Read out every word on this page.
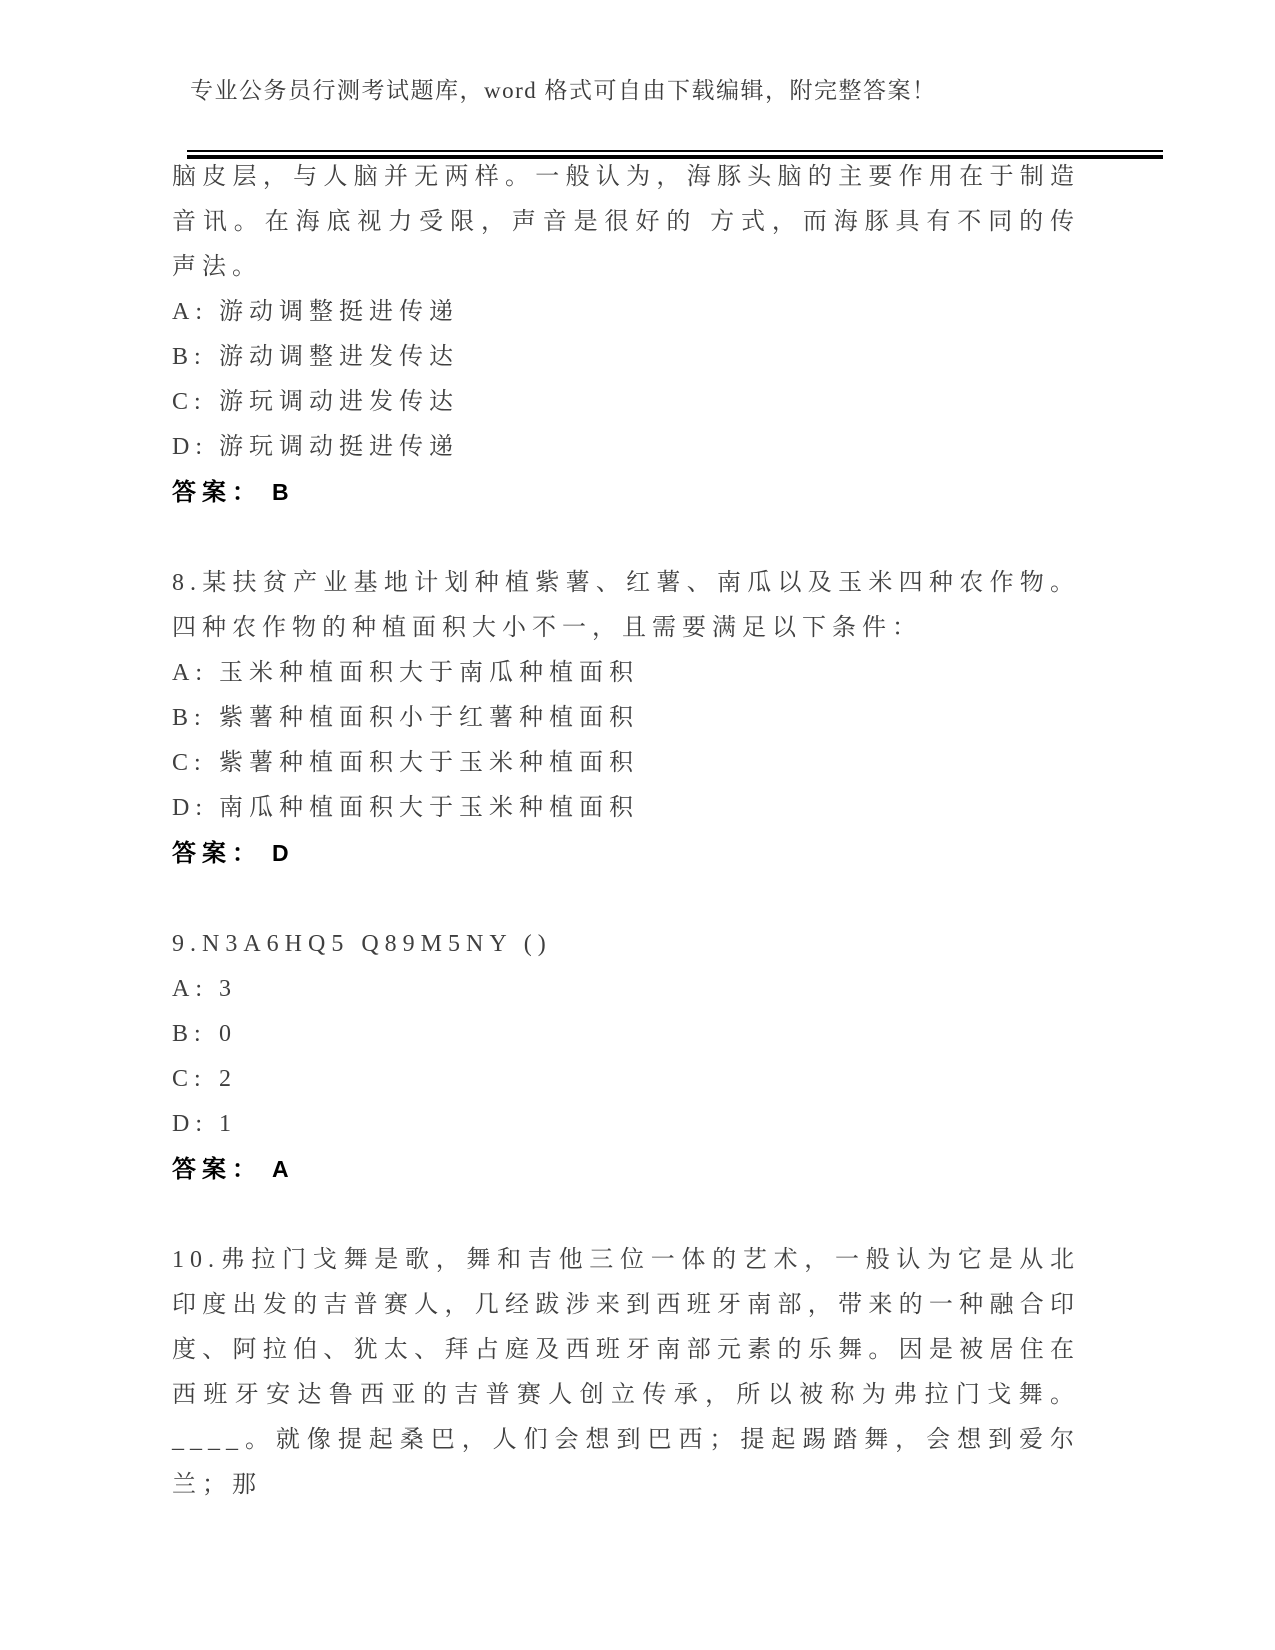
专业公务员行测考试题库，word 格式可自由下载编辑，附完整答案！

脑皮层，与人脑并无两样。一般认为，海豚头脑的主要作用在于制造音讯。在海底视力受限，声音是很好的 方式，而海豚具有不同的传声法。

A: 游动调整挺进传递
B: 游动调整进发传达
C: 游玩调动进发传达
D: 游玩调动挺进传递
答案： B

8.某扶贫产业基地计划种植紫薯、红薯、南瓜以及玉米四种农作物。四种农作物的种植面积大小不一，且需要满足以下条件：

A: 玉米种植面积大于南瓜种植面积
B: 紫薯种植面积小于红薯种植面积
C: 紫薯种植面积大于玉米种植面积
D: 南瓜种植面积大于玉米种植面积
答案： D

9.N3A6HQ5 Q89M5NY ()

A: 3
B: 0
C: 2
D: 1
答案： A

10.弗拉门戈舞是歌，舞和吉他三位一体的艺术，一般认为它是从北印度出发的吉普赛人，几经跋涉来到西班牙南部，带来的一种融合印度、阿拉伯、犹太、拜占庭及西班牙南部元素的乐舞。因是被居住在西班牙安达鲁西亚的吉普赛人创立传承，所以被称为弗拉门戈舞。____。就像提起桑巴，人们会想到巴西；提起踢踏舞，会想到爱尔兰；那
